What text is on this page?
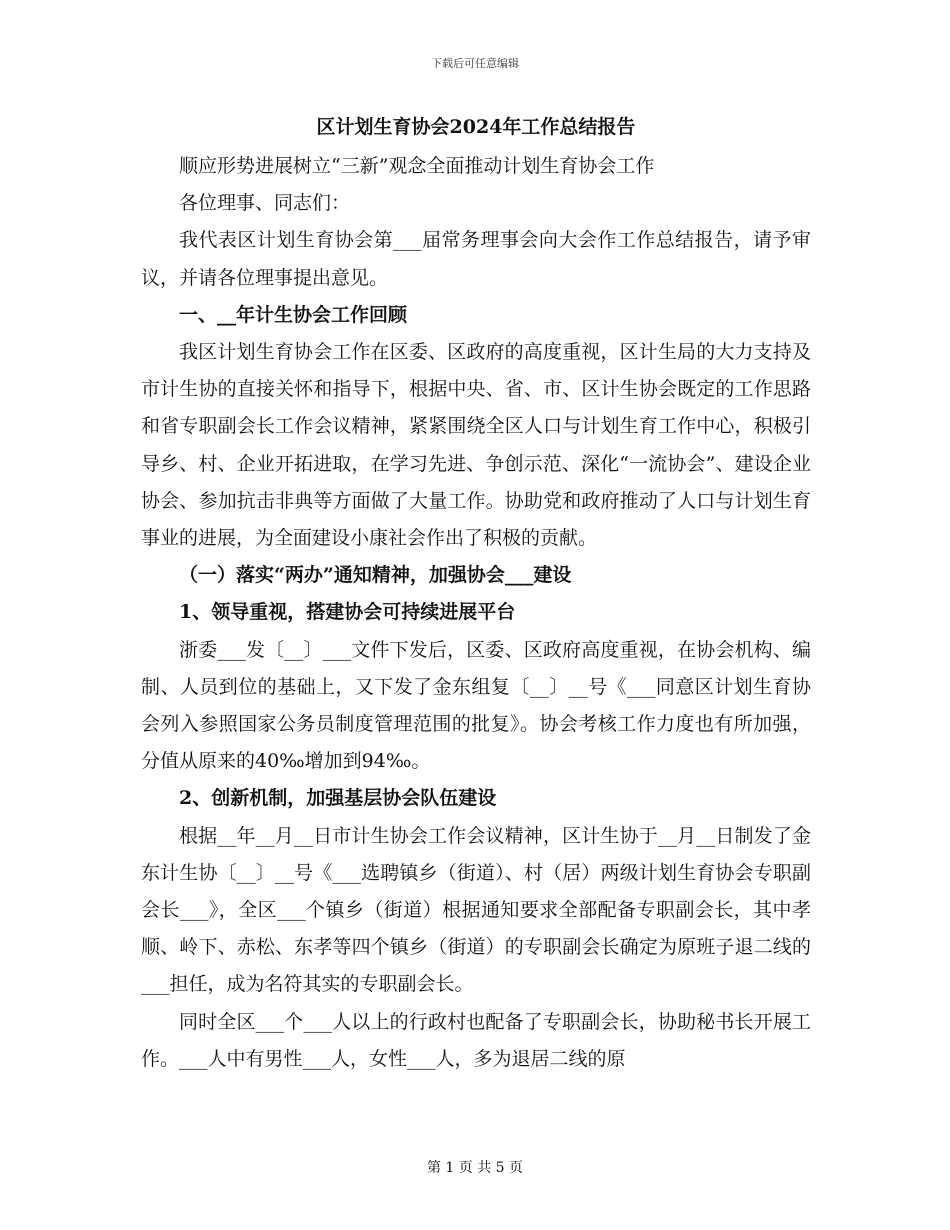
下载后可任意编辑
区计划生育协会2024年工作总结报告

顺应形势进展树立“三新”观念全面推动计划生育协会工作

各位理事、同志们：

我代表区计划生育协会第___届常务理事会向大会作工作总结报告，请予审议，并请各位理事提出意见。

一、__年计生协会工作回顾

我区计划生育协会工作在区委、区政府的高度重视，区计生局的大力支持及市计生协的直接关怀和指导下，根据中央、省、市、区计生协会既定的工作思路和省专职副会长工作会议精神，紧紧围绕全区人口与计划生育工作中心，积极引导乡、村、企业开拓进取，在学习先进、争创示范、深化“一流协会”、建设企业协会、参加抗击非典等方面做了大量工作。协助党和政府推动了人口与计划生育事业的进展，为全面建设小康社会作出了积极的贡献。

（一）落实“两办”通知精神，加强协会___建设

1、领导重视，搭建协会可持续进展平台

浙委___发〔__〕___文件下发后，区委、区政府高度重视，在协会机构、编制、人员到位的基础上，又下发了金东组复〔__〕__号《___同意区计划生育协会列入参照国家公务员制度管理范围的批复》。协会考核工作力度也有所加强，分值从原来的40‰增加到94‰。

2、创新机制，加强基层协会队伍建设

根据__年__月__日市计生协会工作会议精神，区计生协于__月__日制发了金东计生协〔__〕__号《___选聘镇乡（街道）、村（居）两级计划生育协会专职副会长___》，全区___个镇乡（街道）根据通知要求全部配备专职副会长，其中孝顺、岭下、赤松、东孝等四个镇乡（街道）的专职副会长确定为原班子退二线的___担任，成为名符其实的专职副会长。

同时全区___个___人以上的行政村也配备了专职副会长，协助秘书长开展工作。___人中有男性___人，女性___人，多为退居二线的原

第 1 页 共 5 页
